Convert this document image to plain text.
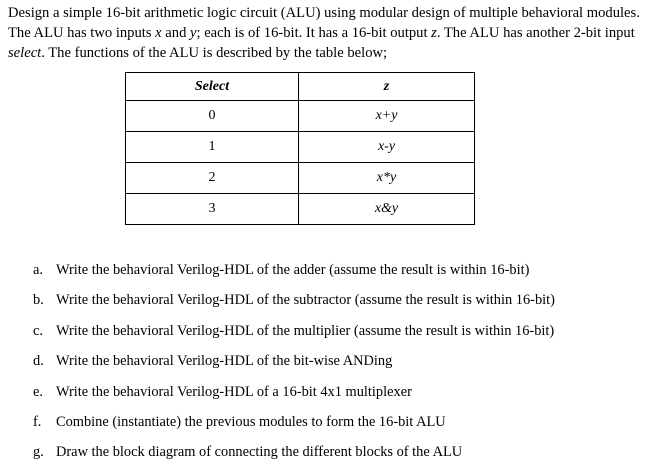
Design a simple 16-bit arithmetic logic circuit (ALU) using modular design of multiple behavioral modules. The ALU has two inputs x and y; each is of 16-bit. It has a 16-bit output z. The ALU has another 2-bit input select. The functions of the ALU is described by the table below;

Select	z
0	x+y
1	x-y
2	x*y
3	x&y
a. Write the behavioral Verilog-HDL of the adder (assume the result is within 16-bit)
b. Write the behavioral Verilog-HDL of the subtractor (assume the result is within 16-bit)
c. Write the behavioral Verilog-HDL of the multiplier (assume the result is within 16-bit)
d. Write the behavioral Verilog-HDL of the bit-wise ANDing
e. Write the behavioral Verilog-HDL of a 16-bit 4x1 multiplexer
f. Combine (instantiate) the previous modules to form the 16-bit ALU
g. Draw the block diagram of connecting the different blocks of the ALU
